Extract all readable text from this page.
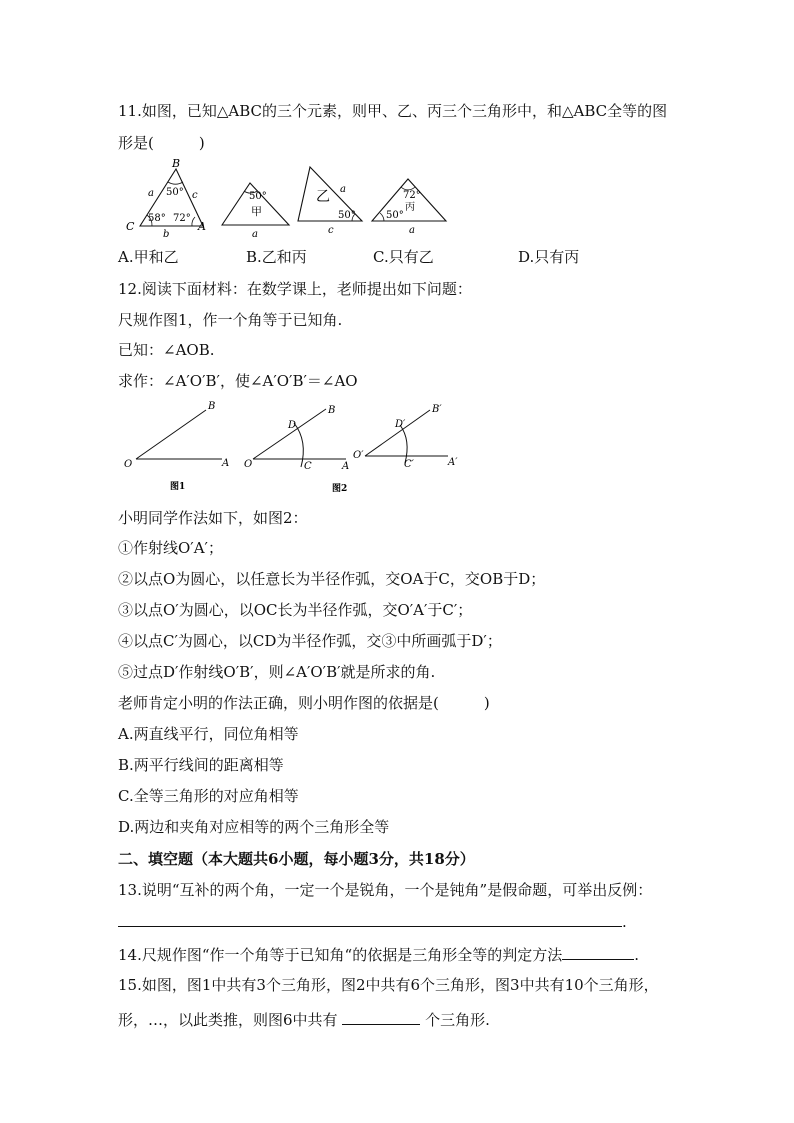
11.如图，已知△ABC的三个元素，则甲、乙、丙三个三角形中，和△ABC全等的图
形是(　　　)
B
C	A
a	c
b
50°
58° 72°
50°
甲
a
乙 a
50°
c
72°
丙
50°
a
A.甲和乙	B.乙和丙	C.只有乙	D.只有丙
12.阅读下面材料：在数学课上，老师提出如下问题：
尺规作图1，作一个角等于已知角.
已知：∠AOB.
求作：∠A′O′B′，使∠A′O′B′＝∠AO
O	A
B
图1
O	A
B
C
D
图2
O′
A′
B′
C′
D′
小明同学作法如下，如图2：
①作射线O′A′；
②以点O为圆心，以任意长为半径作弧，交OA于C，交OB于D；
③以点O′为圆心，以OC长为半径作弧，交O′A′于C′；
④以点C′为圆心，以CD为半径作弧，交③中所画弧于D′；
⑤过点D′作射线O′B′，则∠A′O′B′就是所求的角.
老师肯定小明的作法正确，则小明作图的依据是(　　　)
A.两直线平行，同位角相等
B.两平行线间的距离相等
C.全等三角形的对应角相等
D.两边和夹角对应相等的两个三角形全等
二、填空题（本大题共6小题，每小题3分，共18分）
13.说明“互补的两个角，一定一个是锐角，一个是钝角”是假命题，可举出反例：
.
14.尺规作图“作一个角等于已知角“的依据是三角形全等的判定方法	.
15.如图，图1中共有3个三角形，图2中共有6个三角形，图3中共有10个三角形，
形，…，以此类推，则图6中共有	个三角形.
